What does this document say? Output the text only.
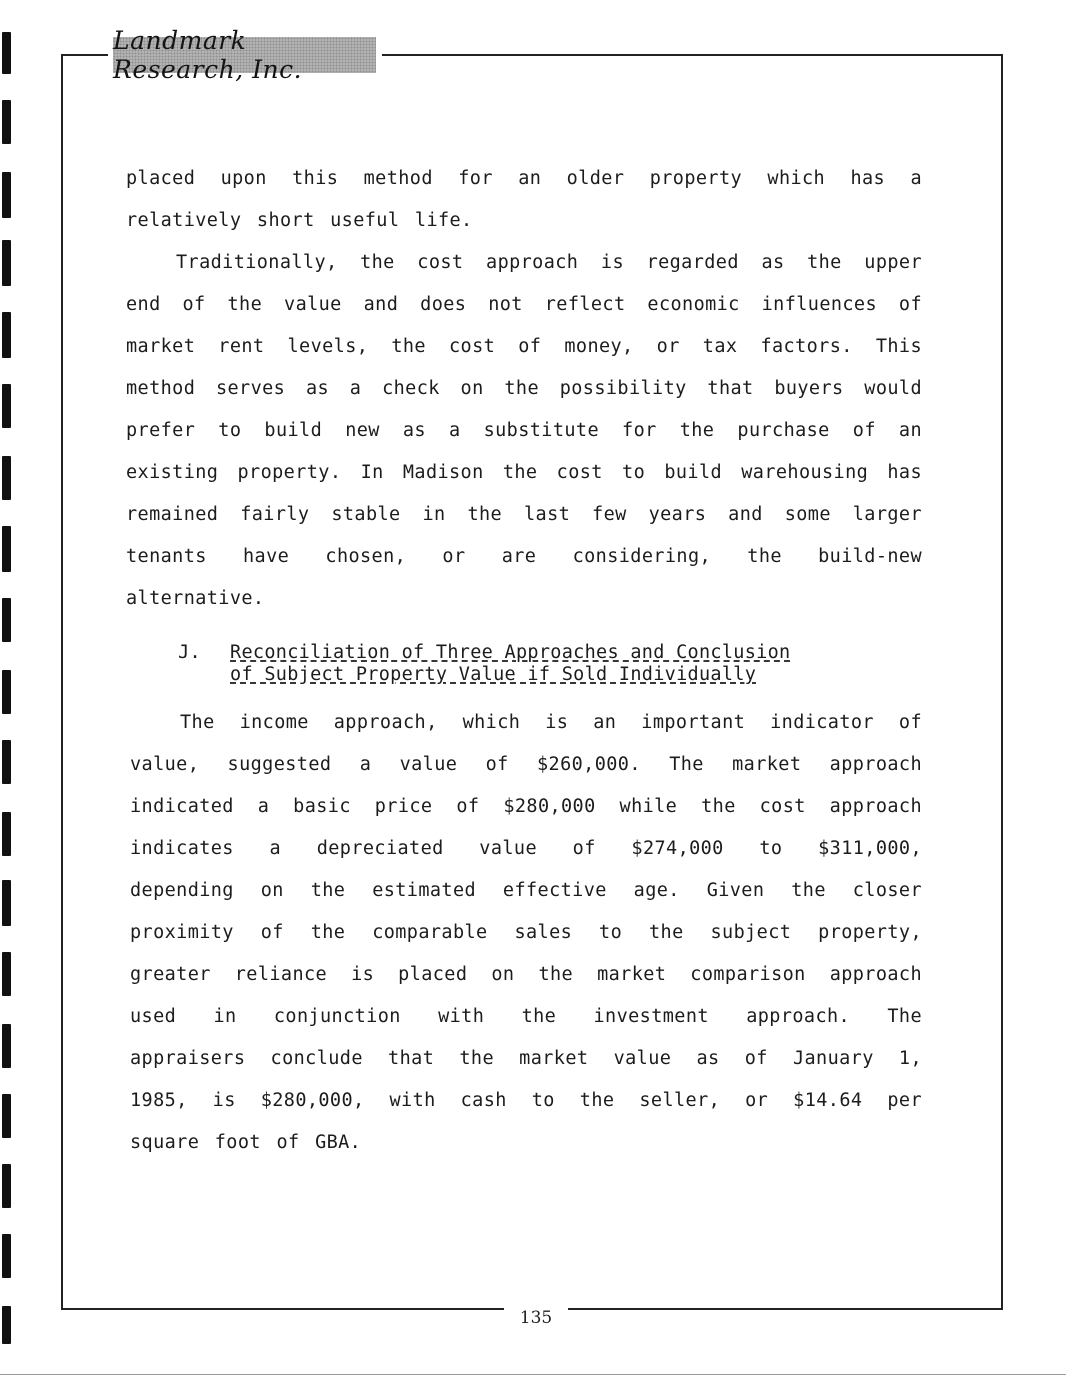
Landmark Research, Inc.

placed upon this method for an older property which has a

relatively short useful life.

Traditionally, the cost approach is regarded as the upper

end of the value and does not reflect economic influences of

market rent levels, the cost of money, or tax factors. This

method serves as a check on the possibility that buyers would

prefer to build new as a substitute for the purchase of an

existing property. In Madison the cost to build warehousing has

remained fairly stable in the last few years and some larger

tenants have chosen, or are considering, the build-new

alternative.

J. Reconciliation of Three Approaches and Conclusion
of Subject Property Value if Sold Individually

The income approach, which is an important indicator of

value, suggested a value of $260,000. The market approach

indicated a basic price of $280,000 while the cost approach

indicates a depreciated value of $274,000 to $311,000,

depending on the estimated effective age. Given the closer

proximity of the comparable sales to the subject property,

greater reliance is placed on the market comparison approach

used in conjunction with the investment approach. The

appraisers conclude that the market value as of January 1,

1985, is $280,000, with cash to the seller, or $14.64 per

square foot of GBA.

135
